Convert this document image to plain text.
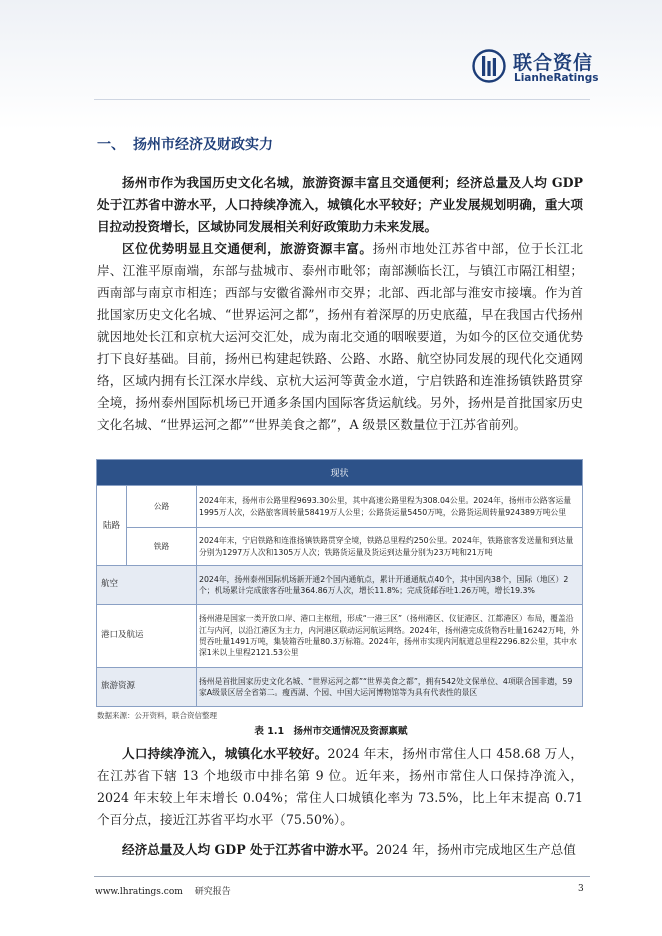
联合资信
LianheRatings
一、 扬州市经济及财政实力

扬州市作为我国历史文化名城，旅游资源丰富且交通便利；经济总量及人均 GDP 处于江苏省中游水平，人口持续净流入，城镇化水平较好；产业发展规划明确，重大项目拉动投资增长，区域协同发展相关利好政策助力未来发展。

区位优势明显且交通便利，旅游资源丰富。扬州市地处江苏省中部，位于长江北岸、江淮平原南端，东部与盐城市、泰州市毗邻；南部濒临长江，与镇江市隔江相望；西南部与南京市相连；西部与安徽省滁州市交界；北部、西北部与淮安市接壤。作为首批国家历史文化名城、“世界运河之都”，扬州有着深厚的历史底蕴，早在我国古代扬州就因地处长江和京杭大运河交汇处，成为南北交通的咽喉要道，为如今的区位交通优势打下良好基础。目前，扬州已构建起铁路、公路、水路、航空协同发展的现代化交通网络，区域内拥有长江深水岸线、京杭大运河等黄金水道，宁启铁路和连淮扬镇铁路贯穿全境，扬州泰州国际机场已开通多条国内国际客货运航线。另外，扬州是首批国家历史文化名城、“世界运河之都”“世界美食之都”，A 级景区数量位于江苏省前列。

现状		
陆路	公路	2024年末，扬州市公路里程9693.30公里，其中高速公路里程为308.04公里。2024年，扬州市公路客运量1995万人次，公路旅客周转量58419万人公里；公路货运量5450万吨，公路货运周转量924389万吨公里
	铁路	2024年末，宁启铁路和连淮扬镇铁路贯穿全境，铁路总里程约250公里。2024年，铁路旅客发送量和到达量分别为1297万人次和1305万人次；铁路货运量及货运到达量分别为23万吨和21万吨
航空		2024年，扬州泰州国际机场新开通2个国内通航点，累计开通通航点40个，其中国内38个，国际（地区）2个；机场累计完成旅客吞吐量364.86万人次，增长11.8%；完成货邮吞吐1.26万吨，增长19.3%
港口及航运		扬州港是国家一类开放口岸、港口主枢纽，形成“一港三区”（扬州港区、仪征港区、江都港区）布局，覆盖沿江与内河，以沿江港区为主力，内河港区联动运河航运网络。2024年，扬州港完成货物吞吐量16242万吨，外贸吞吐量1491万吨，集装箱吞吐量80.3万标箱。2024年，扬州市实现内河航道总里程2296.82公里，其中水深1米以上里程2121.53公里
旅游资源		扬州是首批国家历史文化名城、“世界运河之都”“世界美食之都”，拥有542处文保单位、4项联合国非遗，59家A级景区居全省第二。瘦西湖、个园、中国大运河博物馆等为具有代表性的景区
数据来源：公开资料，联合资信整理
表 1.1　扬州市交通情况及资源禀赋

人口持续净流入，城镇化水平较好。2024 年末，扬州市常住人口 458.68 万人，在江苏省下辖 13 个地级市中排名第 9 位。近年来，扬州市常住人口保持净流入，2024 年末较上年末增长 0.04%；常住人口城镇化率为 73.5%，比上年末提高 0.71 个百分点，接近江苏省平均水平（75.50%）。

经济总量及人均 GDP 处于江苏省中游水平。2024 年，扬州市完成地区生产总值

www.lhratings.com 研究报告	3
